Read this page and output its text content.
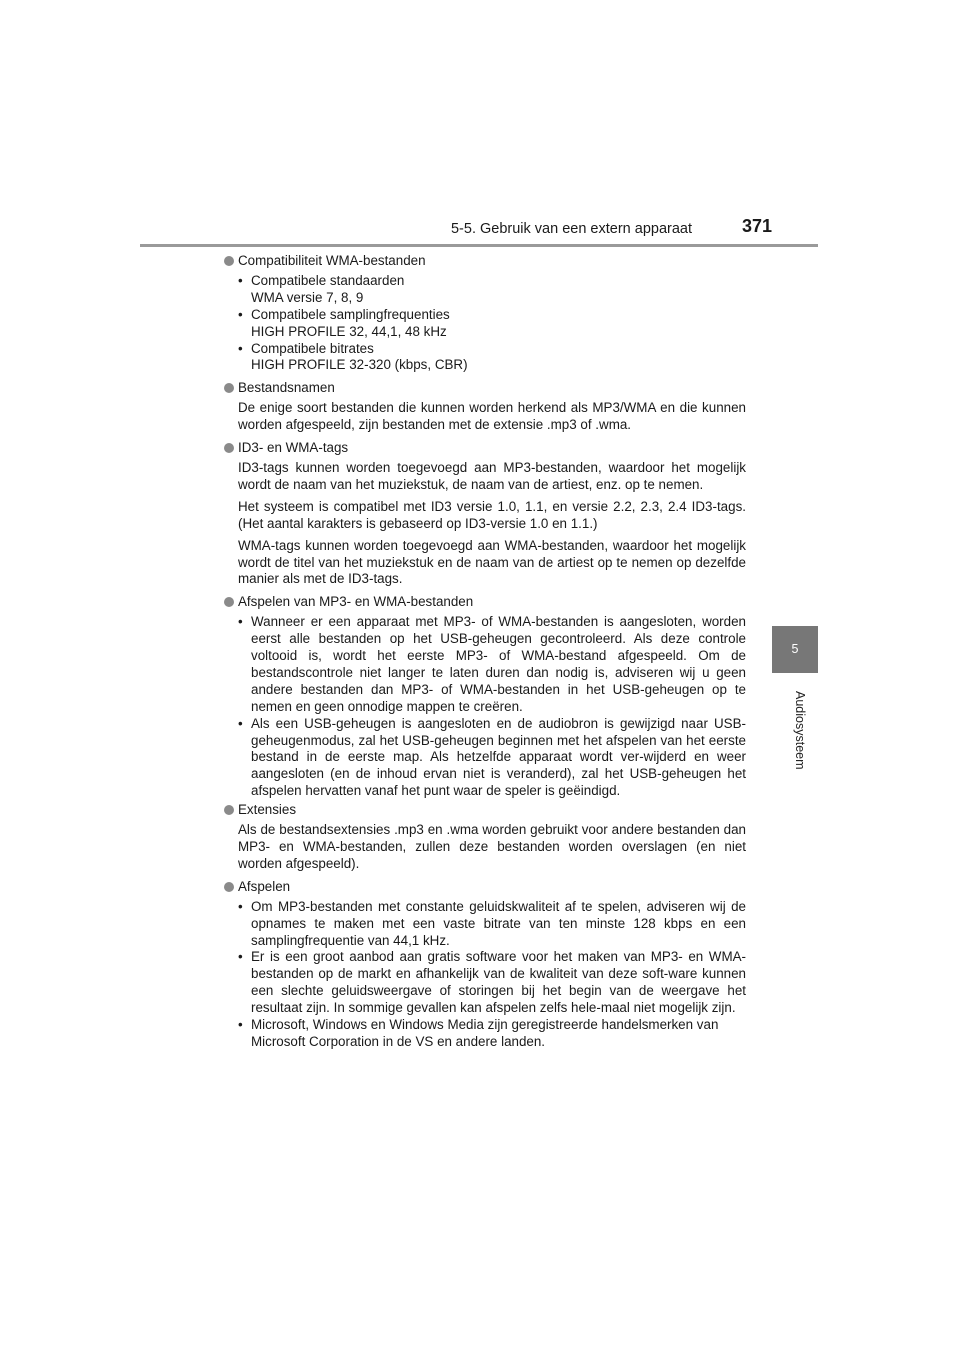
5-5. Gebruik van een extern apparaat	371
5
Audiosysteem

Compatibiliteit WMA-bestanden

• Compatibele standaarden
WMA versie 7, 8, 9
• Compatibele samplingfrequenties
HIGH PROFILE 32, 44,1, 48 kHz
• Compatibele bitrates
HIGH PROFILE 32-320 (kbps, CBR)

Bestandsnamen

De enige soort bestanden die kunnen worden herkend als MP3/WMA en die kunnen worden afgespeeld, zijn bestanden met de extensie .mp3 of .wma.

ID3- en WMA-tags

ID3-tags kunnen worden toegevoegd aan MP3-bestanden, waardoor het mogelijk wordt de naam van het muziekstuk, de naam van de artiest, enz. op te nemen.

Het systeem is compatibel met ID3 versie 1.0, 1.1, en versie 2.2, 2.3, 2.4 ID3-tags. (Het aantal karakters is gebaseerd op ID3-versie 1.0 en 1.1.)

WMA-tags kunnen worden toegevoegd aan WMA-bestanden, waardoor het mogelijk wordt de titel van het muziekstuk en de naam van de artiest op te nemen op dezelfde manier als met de ID3-tags.

Afspelen van MP3- en WMA-bestanden

• Wanneer er een apparaat met MP3- of WMA-bestanden is aangesloten, worden eerst alle bestanden op het USB-geheugen gecontroleerd. Als deze controle voltooid is, wordt het eerste MP3- of WMA-bestand afgespeeld. Om de bestandscontrole niet langer te laten duren dan nodig is, adviseren wij u geen andere bestanden dan MP3- of WMA-bestanden in het USB-geheugen op te nemen en geen onnodige mappen te creëren.
• Als een USB-geheugen is aangesloten en de audiobron is gewijzigd naar USB-geheugenmodus, zal het USB-geheugen beginnen met het afspelen van het eerste bestand in de eerste map. Als hetzelfde apparaat wordt ver-wijderd en weer aangesloten (en de inhoud ervan niet is veranderd), zal het USB-geheugen het afspelen hervatten vanaf het punt waar de speler is geëindigd.

Extensies

Als de bestandsextensies .mp3 en .wma worden gebruikt voor andere bestanden dan MP3- en WMA-bestanden, zullen deze bestanden worden overslagen (en niet worden afgespeeld).

Afspelen

• Om MP3-bestanden met constante geluidskwaliteit af te spelen, adviseren wij de opnames te maken met een vaste bitrate van ten minste 128 kbps en een samplingfrequentie van 44,1 kHz.
• Er is een groot aanbod aan gratis software voor het maken van MP3- en WMA-bestanden op de markt en afhankelijk van de kwaliteit van deze soft-ware kunnen een slechte geluidsweergave of storingen bij het begin van de weergave het resultaat zijn. In sommige gevallen kan afspelen zelfs hele-maal niet mogelijk zijn.
• Microsoft, Windows en Windows Media zijn geregistreerde handelsmerken van Microsoft Corporation in de VS en andere landen.
